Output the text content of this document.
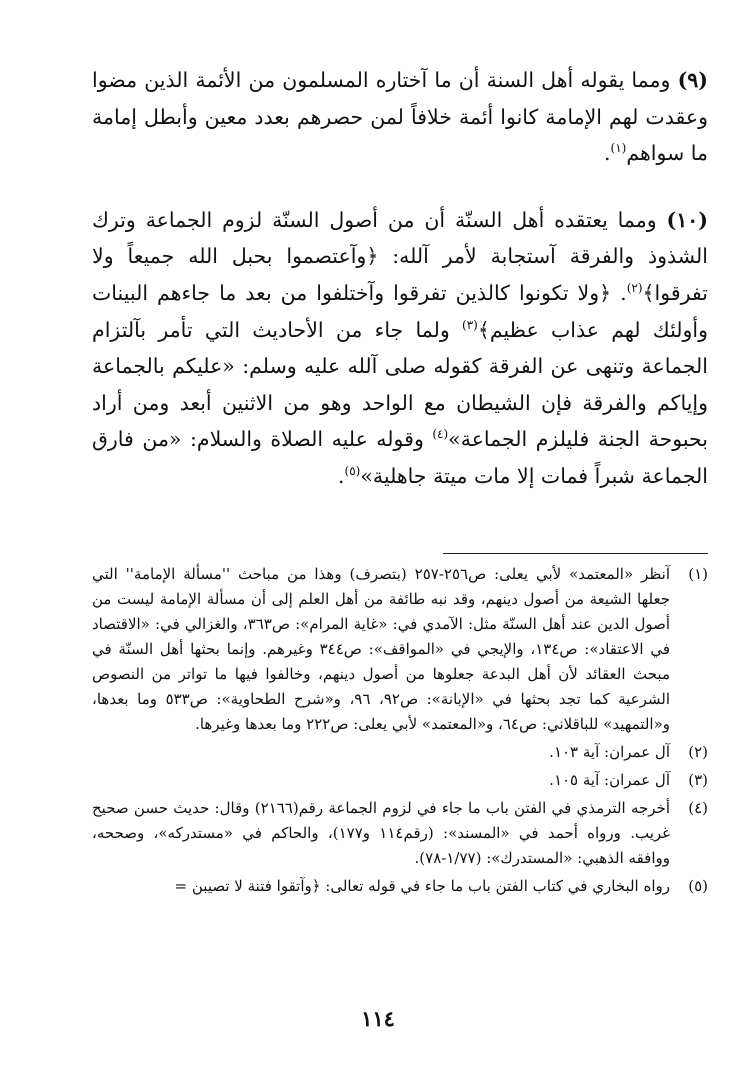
(٩) ومما يقوله أهل السنة أن ما آختاره المسلمون من الأئمة الذين مضوا وعقدت لهم الإمامة كانوا أئمة خلافاً لمن حصرهم بعدد معين وأبطل إمامة ما سواهم$^{(١)}$.

(١٠) ومما يعتقده أهل السنّة أن من أصول السنّة لزوم الجماعة وترك الشذوذ والفرقة آستجابة لأمر آلله: ﴿وآعتصموا بحبل الله جميعاً ولا تفرقوا﴾$^{(٢)}$. ﴿ولا تكونوا كالذين تفرقوا وآختلفوا من بعد ما جاءهم البينات وأولئك لهم عذاب عظيم﴾$^{(٣)}$ ولما جاء من الأحاديث التي تأمر بآلتزام الجماعة وتنهى عن الفرقة كقوله صلى آلله عليه وسلم: «عليكم بالجماعة وإياكم والفرقة فإن الشيطان مع الواحد وهو من الاثنين أبعد ومن أراد بحبوحة الجنة فليلزم الجماعة»$^{(٤)}$ وقوله عليه الصلاة والسلام: «من فارق الجماعة شبراً فمات إلا مات ميتة جاهلية»$^{(٥)}$.

(١)
آنظر «المعتمد» لأبي يعلى: ص٢٥٦-٢٥٧ (بتصرف) وهذا من مباحث ''مسألة الإمامة'' التي جعلها الشيعة من أصول دينهم، وقد نبه طائفة من أهل العلم إلى أن مسألة الإمامة ليست من أصول الدين عند أهل السنّة مثل: الآمدي في: «غاية المرام»: ص٣٦٣، والغزالي في: «الاقتصاد في الاعتقاد»: ص١٣٤، والإيجي في «المواقف»: ص٣٤٤ وغيرهم. وإنما بحثها أهل السنّة في مبحث العقائد لأن أهل البدعة جعلوها من أصول دينهم، وخالفوا فيها ما تواتر من النصوص الشرعية كما تجد بحثها في «الإبانة»: ص٩٢، ٩٦، و«شرح الطحاوية»: ص٥٣٣ وما بعدها، و«التمهيد» للباقلاني: ص٦٤، و«المعتمد» لأبي يعلى: ص٢٢٢ وما بعدها وغيرها.
(٢)
آل عمران: آية ١٠٣.
(٣)
آل عمران: آية ١٠٥.
(٤)
أخرجه الترمذي في الفتن باب ما جاء في لزوم الجماعة رقم(٢١٦٦) وقال: حديث حسن صحيح غريب. ورواه أحمد في «المسند»: (رقم١١٤ و١٧٧)، والحاكم في «مستدركه»، وصححه، ووافقه الذهبي: «المستدرك»: (١/٧٧-٧٨).
(٥)
رواه البخاري في كتاب الفتن باب ما جاء في قوله تعالى: ﴿وآتقوا فتنة لا تصيبن =
١١٤
